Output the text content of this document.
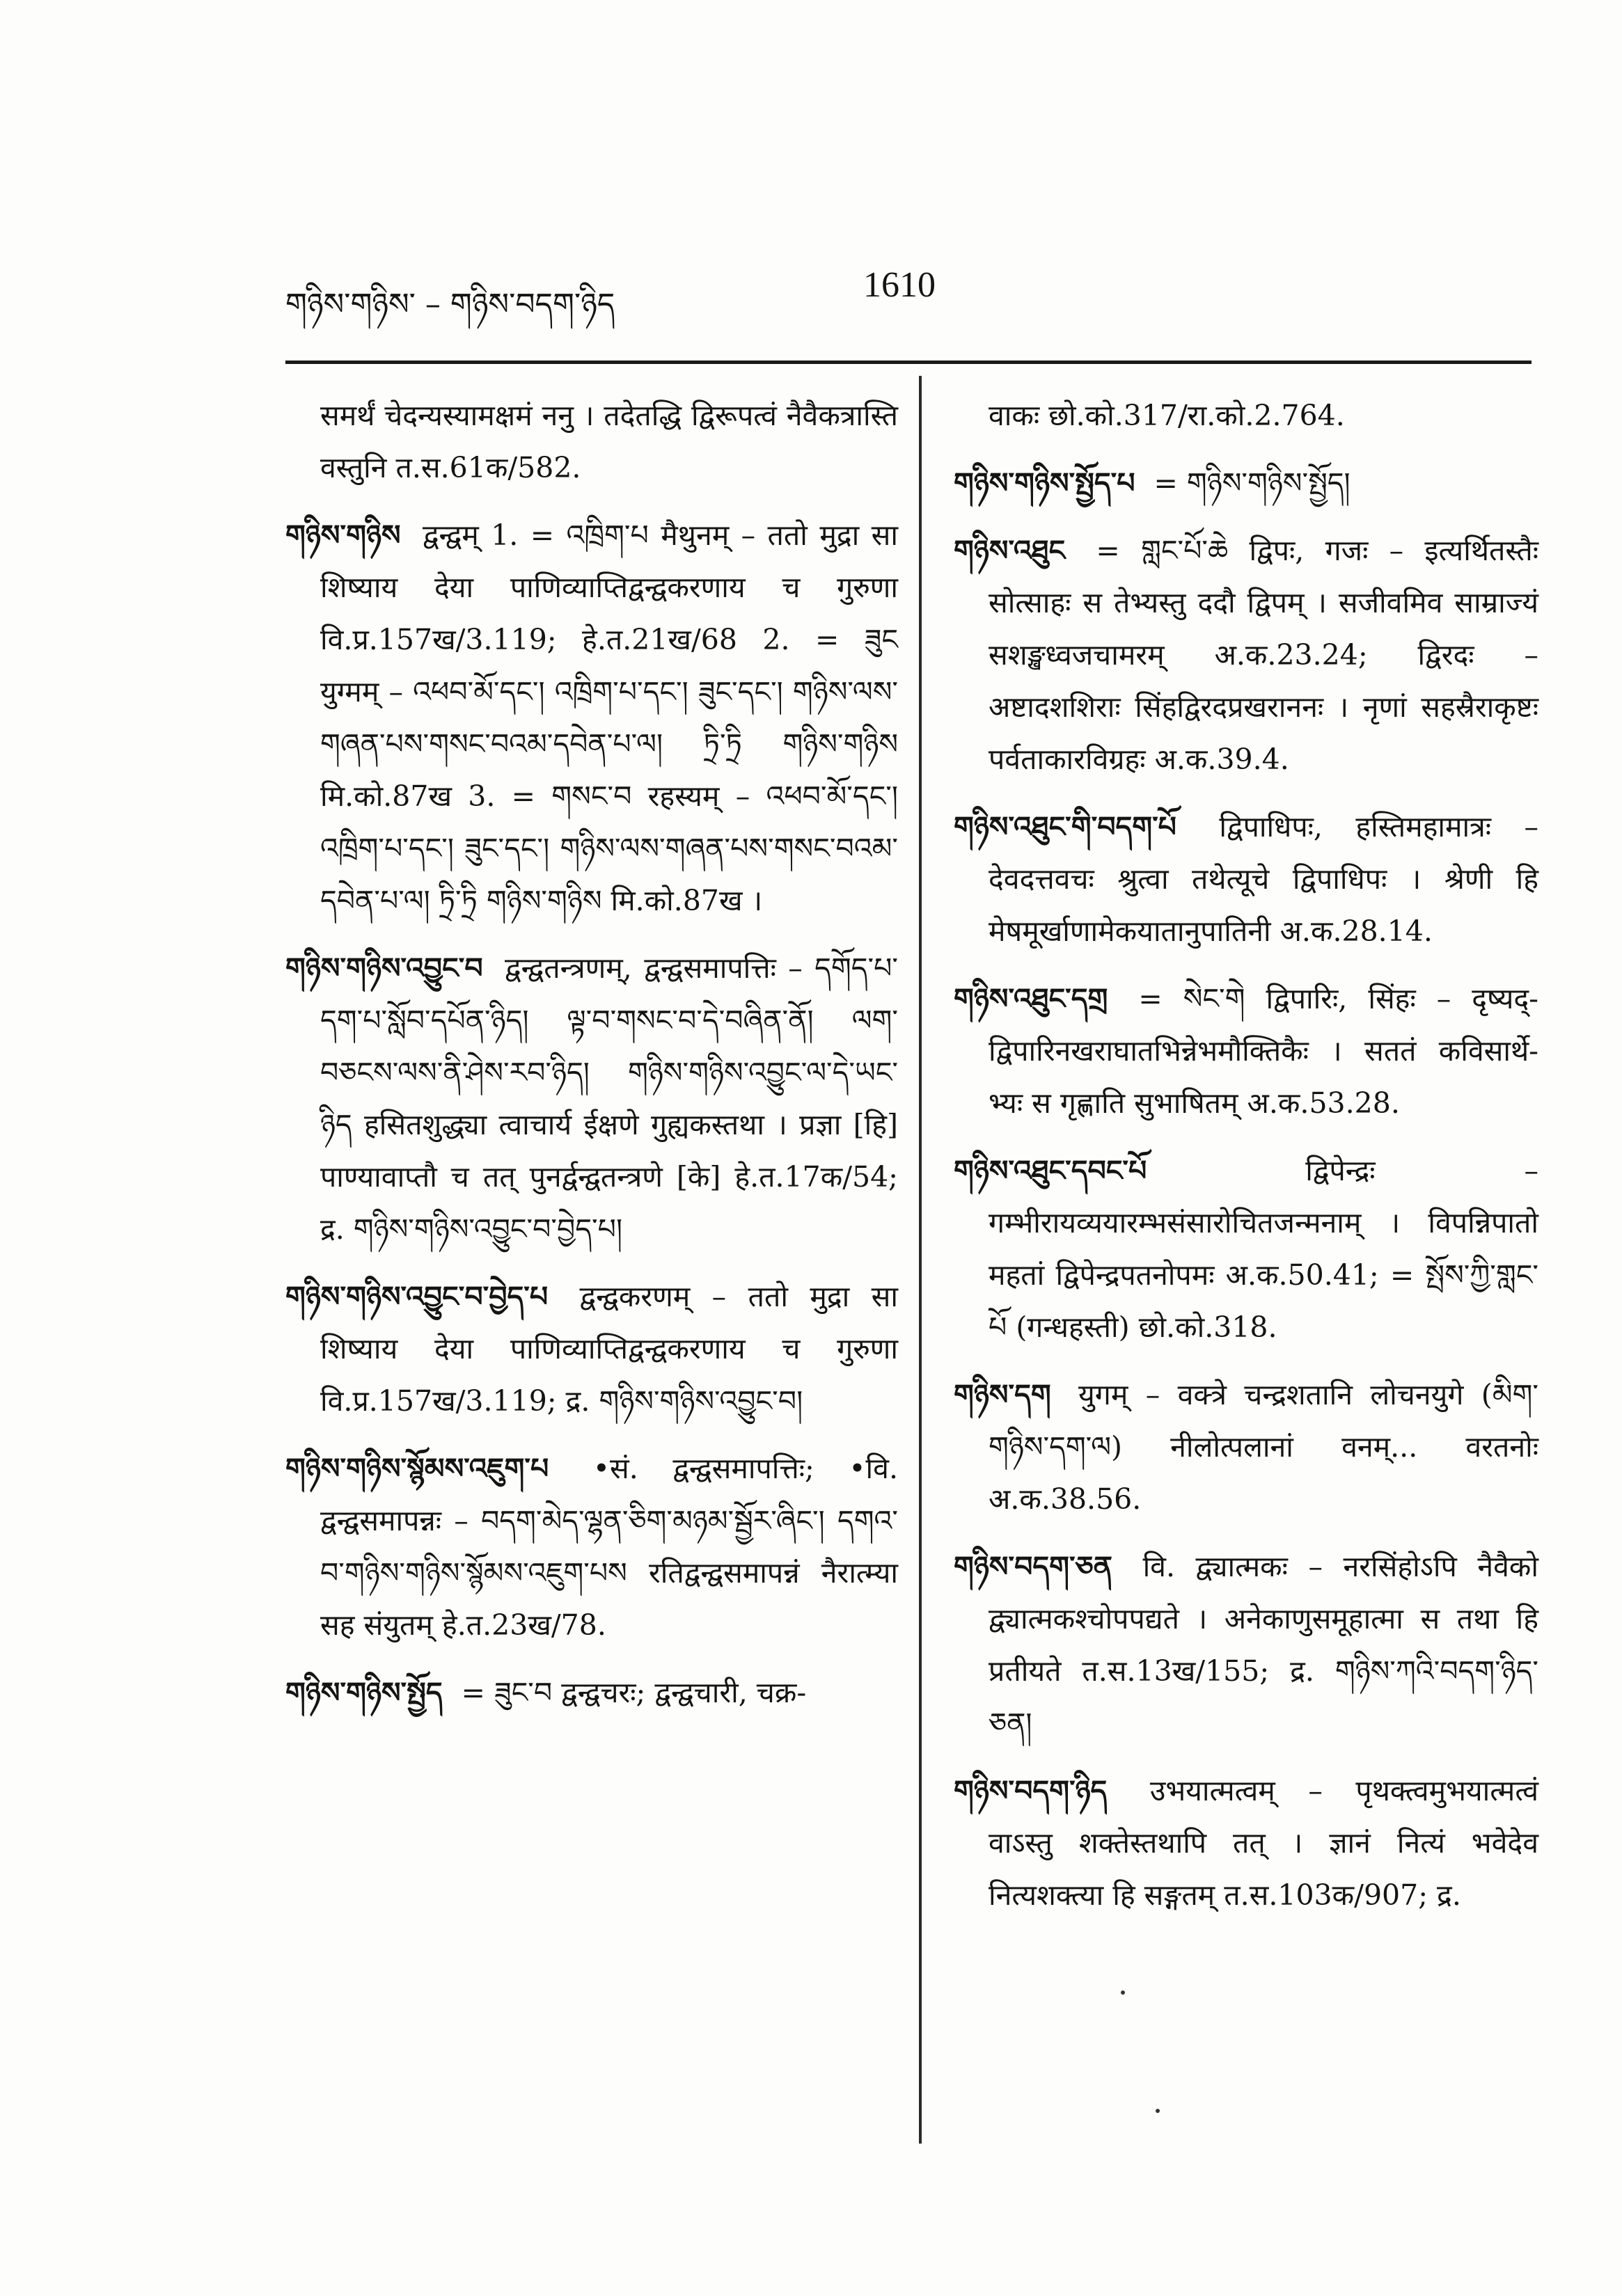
གཉིས་གཉིས་ – གཉིས་བདག་ཉིད	1610
समर्थं चेदन्यस्यामक्षमं ननु । तदेतद्धि द्विरूपत्वं नैवैकत्रास्ति वस्तुनि त.स.61क/582.
གཉིས་གཉིས द्वन्द्वम् 1. = འཁྲིག་པ मैथुनम् – ततो मुद्रा सा शिष्याय देया पाणिव्याप्तिद्वन्द्वकरणाय च गुरुणा वि.प्र.157ख/3.119; हे.त.21ख/68 2. = ཟུང युग्मम् – འཕབ་མོ་དང་། འཁྲིག་པ་དང་། ཟུང་དང་། གཉིས་ལས་གཞན་པས་གསང་བའམ་དབེན་པ་ལ། ཏྲི་ཏྲི གཉིས་གཉིས मि.को.87ख 3. = གསང་བ रहस्यम् – འཕབ་མོ་དང་། འཁྲིག་པ་དང་། ཟུང་དང་། གཉིས་ལས་གཞན་པས་གསང་བའམ་དབེན་པ་ལ། ཏྲི་ཏྲི གཉིས་གཉིས मि.को.87ख ।
གཉིས་གཉིས་འབྱུང་བ द्वन्द्वतन्त्रणम्, द्वन्द्वसमापत्तिः – དགོད་པ་དག་པ་སློབ་དཔོན་ཉིད། ལྟ་བ་གསང་བ་དེ་བཞིན་ནོ། ལག་བཅངས་ལས་ནི་ཤེས་རབ་ཉིད། གཉིས་གཉིས་འབྱུང་ལ་དེ་ཡང་ཉིད हसितशुद्ध्या त्वाचार्य ईक्षणे गुह्यकस्तथा । प्रज्ञा [हि] पाण्यावाप्तौ च तत् पुनर्द्वन्द्वतन्त्रणे [के] हे.त.17क/54; द्र. གཉིས་གཉིས་འབྱུང་བ་བྱེད་པ།
གཉིས་གཉིས་འབྱུང་བ་བྱེད་པ द्वन्द्वकरणम् – ततो मुद्रा सा शिष्याय देया पाणिव्याप्तिद्वन्द्वकरणाय च गुरुणा वि.प्र.157ख/3.119; द्र. གཉིས་གཉིས་འབྱུང་བ།
གཉིས་གཉིས་སྙོམས་འཇུག་པ •सं. द्वन्द्वसमापत्तिः; •वि. द्वन्द्वसमापन्नः – བདག་མེད་ལྷན་ཅིག་མཉམ་སྦྱོར་ཞིང་། དགའ་བ་གཉིས་གཉིས་སྙོམས་འཇུག་པས रतिद्वन्द्वसमापन्नं नैरात्म्या सह संयुतम् हे.त.23ख/78.
གཉིས་གཉིས་སྤྱོད = ཟུང་བ द्वन्द्वचरः; द्वन्द्वचारी, चक्र-
वाकः छो.को.317/रा.को.2.764.
གཉིས་གཉིས་སྤྱོད་པ = གཉིས་གཉིས་སྤྱོད།
གཉིས་འཐུང = གླང་པོ་ཆེ द्विपः, गजः – इत्यर्थितस्तैः सोत्साहः स तेभ्यस्तु ददौ द्विपम् । सजीवमिव साम्राज्यं सशङ्खध्वजचामरम् अ.क.23.24; द्विरदः – अष्टादशशिराः सिंहद्विरदप्रखराननः । नृणां सहस्रैराकृष्टः पर्वताकारविग्रहः अ.क.39.4.
གཉིས་འཐུང་གི་བདག་པོ द्विपाधिपः, हस्तिमहामात्रः – देवदत्तवचः श्रुत्वा तथेत्यूचे द्विपाधिपः । श्रेणी हि मेषमूर्खाणामेकयातानुपातिनी अ.क.28.14.
གཉིས་འཐུང་དགྲ = སེང་གེ द्विपारिः, सिंहः – दृष्यद्-द्विपारिनखराघातभिन्नेभमौक्तिकैः । सततं कविसार्थे- भ्यः स गृह्णाति सुभाषितम् अ.क.53.28.
གཉིས་འཐུང་དབང་པོ	द्विपेन्द्रः – गम्भीरायव्ययारम्भसंसारोचितजन्मनाम् । विपन्निपातो महतां द्विपेन्द्रपतनोपमः अ.क.50.41; = སྤོས་ཀྱི་གླང་པོ (गन्धहस्ती) छो.को.318.
གཉིས་དག युगम् – वक्त्रे चन्द्रशतानि लोचनयुगे (མིག་གཉིས་དག་ལ) नीलोत्पलानां वनम्... वरतनोः अ.क.38.56.
གཉིས་བདག་ཅན वि. द्व्यात्मकः – नरसिंहोऽपि नैवैको द्व्यात्मकश्चोपपद्यते । अनेकाणुसमूहात्मा स तथा हि प्रतीयते त.स.13ख/155; द्र. གཉིས་ཀའི་བདག་ཉིད་ཅན།
གཉིས་བདག་ཉིད उभयात्मत्वम् – पृथक्त्वमुभयात्मत्वं वाऽस्तु शक्तेस्तथापि तत् । ज्ञानं नित्यं भवेदेव नित्यशक्त्या हि सङ्गतम् त.स.103क/907; द्र.
